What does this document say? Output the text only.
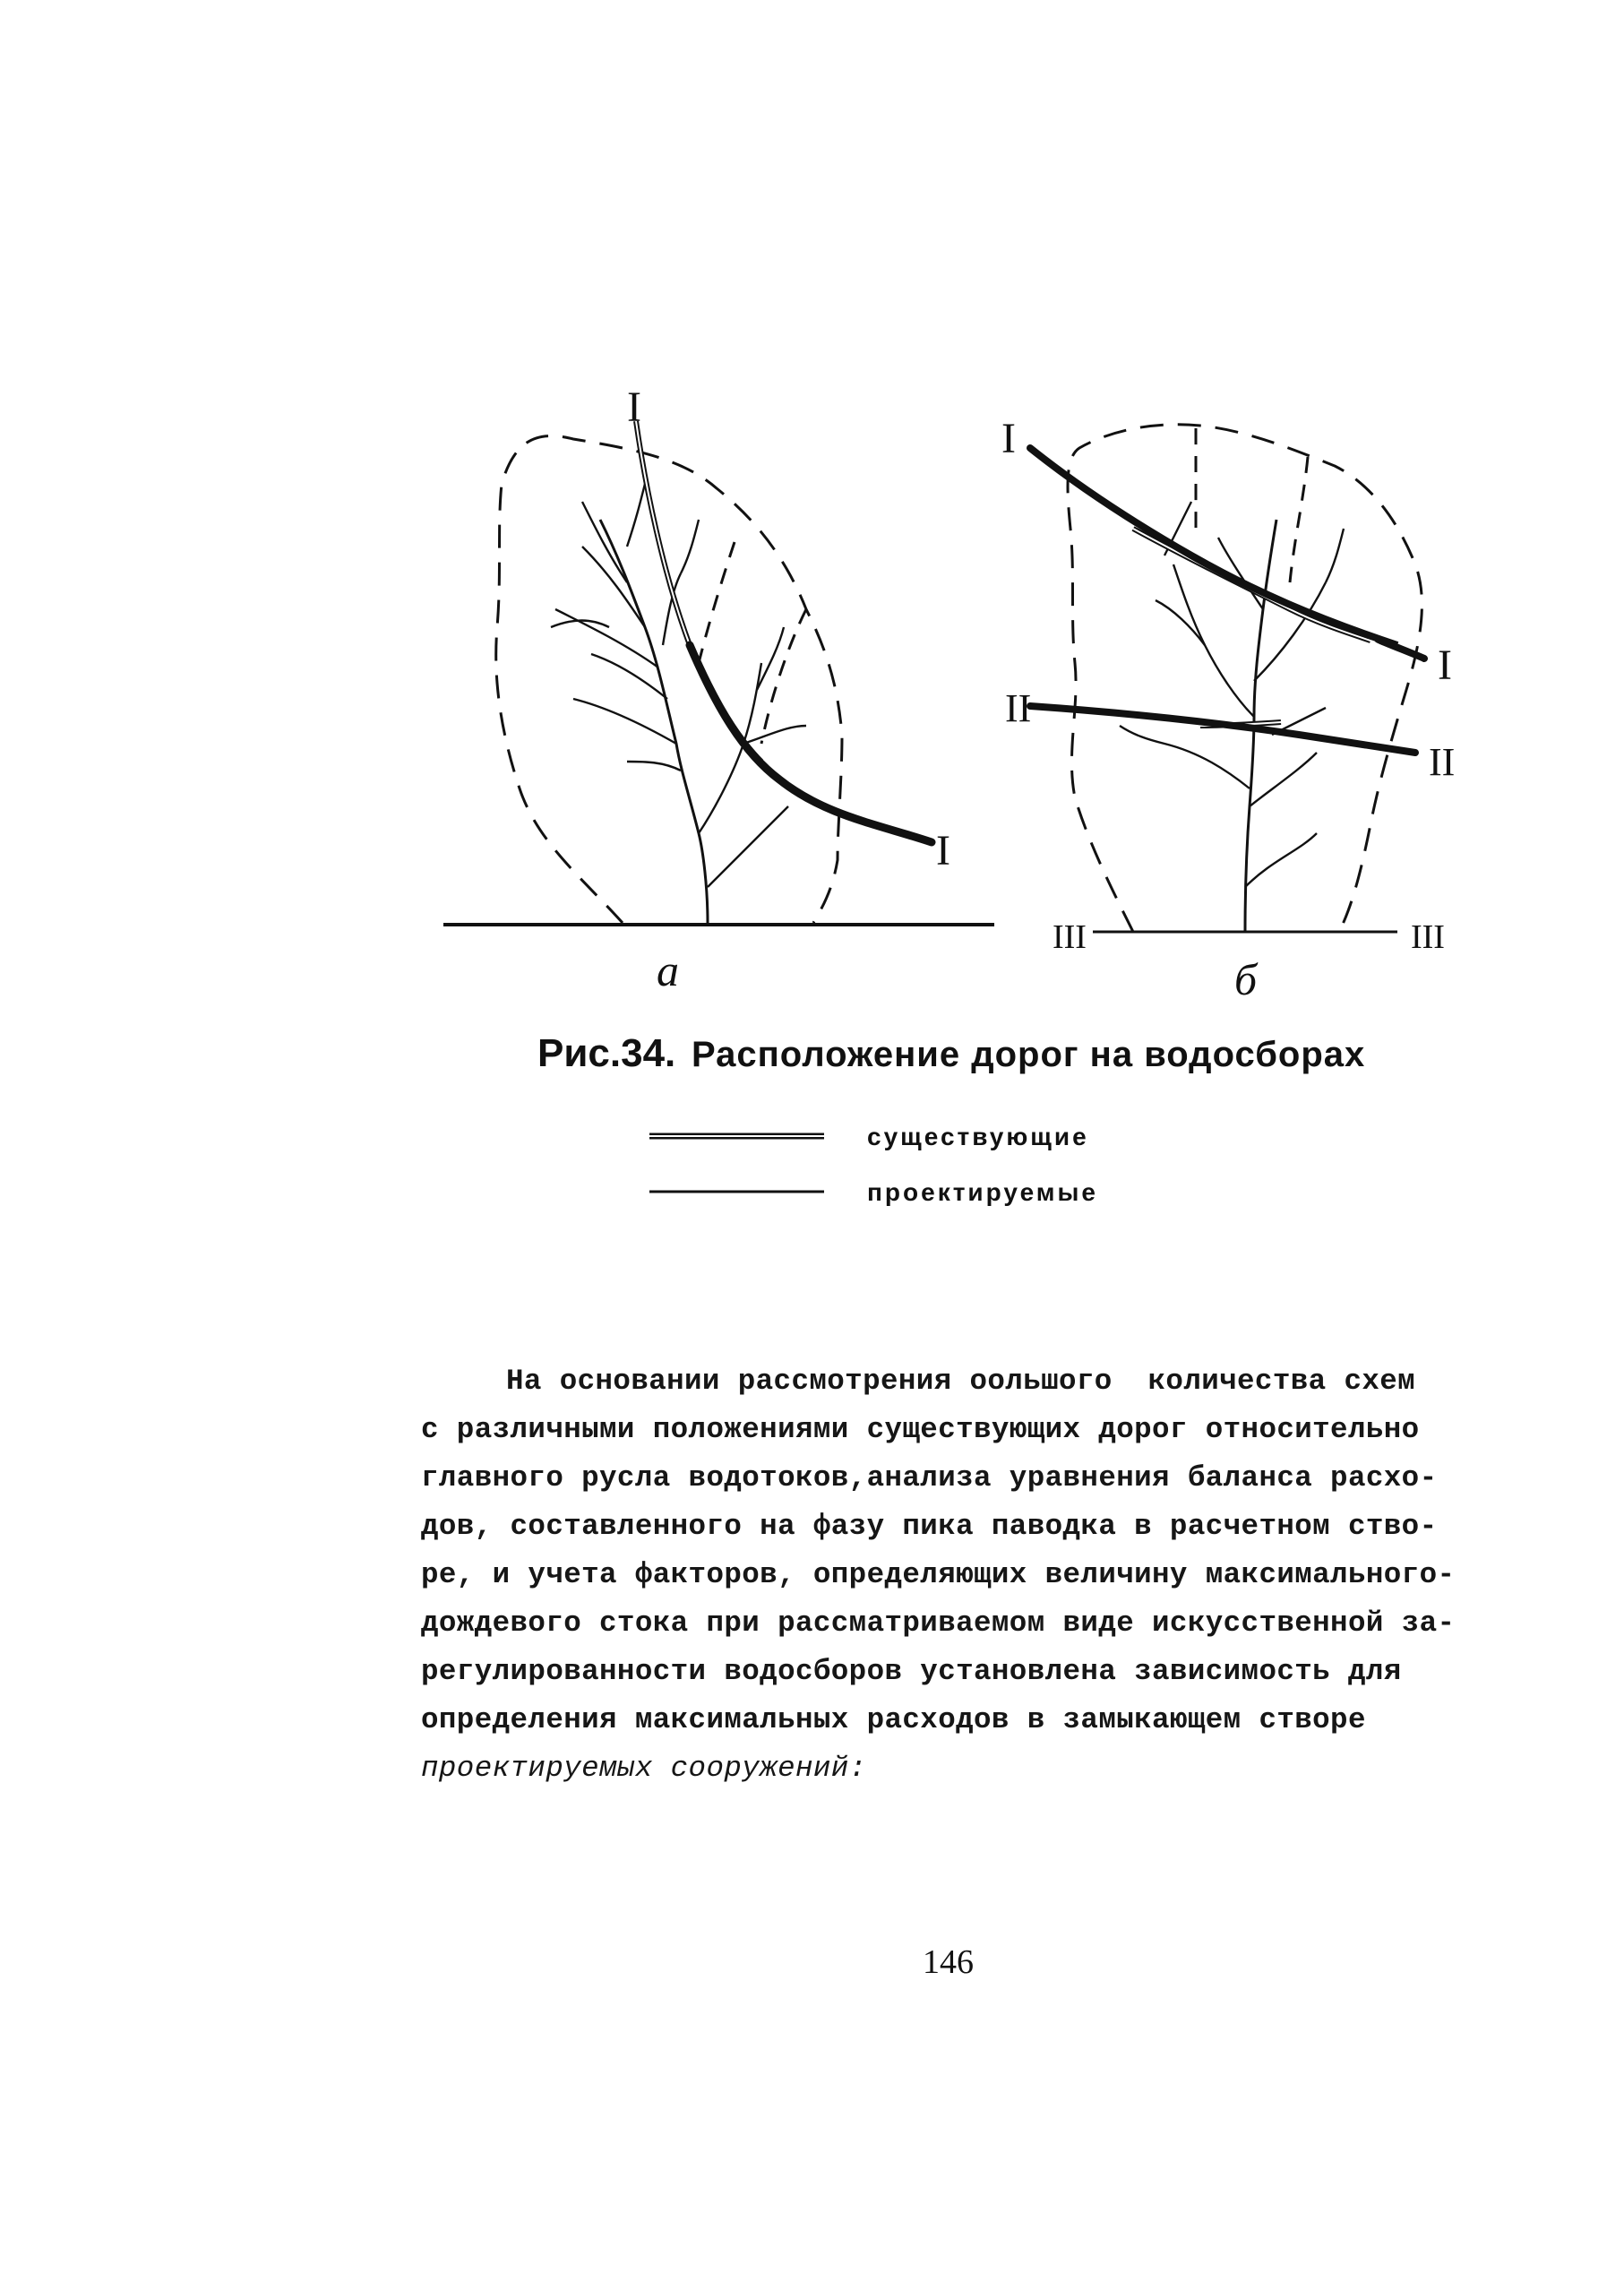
I
I
а
I
I
II
II
III	III
б
Рис.34. Расположение дорог на водосборах
существующие
проектируемые
На основании рассмотрения оольшого  количества схем
с различными положениями существующих дорог относительно
главного русла водотоков,анализа уравнения баланса расхо-
дов, составленного на фазу пика паводка в расчетном ство-
ре, и учета факторов, определяющих величину максимального-
дождевого стока при рассматриваемом виде искусственной за-
регулированности водосборов установлена зависимость для
определения максимальных расходов в замыкающем створе
проектируемых сооружений:
146
